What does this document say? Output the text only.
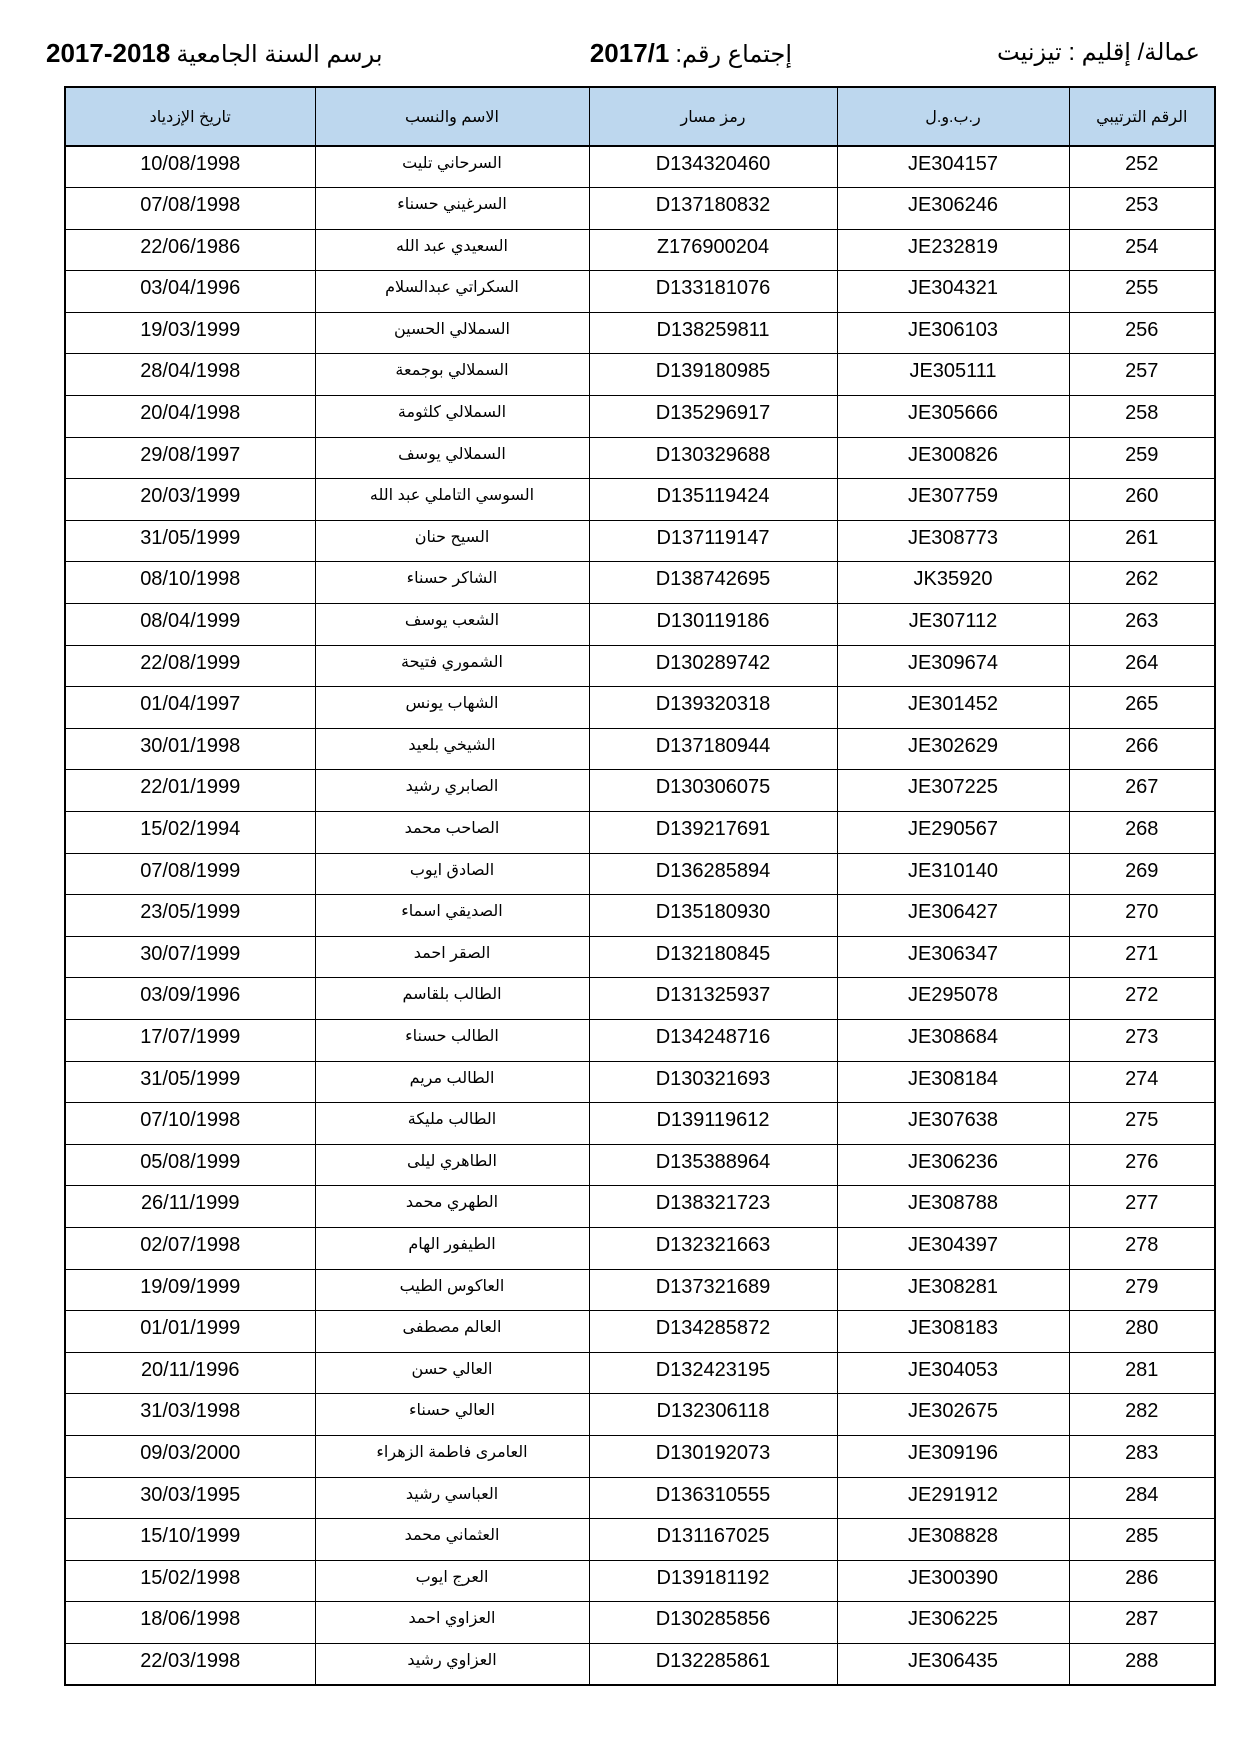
عمالة/ إقليم : تيزنيت
إجتماع رقم:2017/1
برسم السنة الجامعية2017-2018
الرقم الترتيبي	ر.ب.و.ل	رمز مسار	الاسم والنسب	تاريخ الإزدياد
252	JE304157	D134320460	السرحاني تليت	10/08/1998
253	JE306246	D137180832	السرغيني حسناء	07/08/1998
254	JE232819	Z176900204	السعيدي عبد الله	22/06/1986
255	JE304321	D133181076	السكراتي عبدالسلام	03/04/1996
256	JE306103	D138259811	السملالي الحسين	19/03/1999
257	JE305111	D139180985	السملالي بوجمعة	28/04/1998
258	JE305666	D135296917	السملالي كلثومة	20/04/1998
259	JE300826	D130329688	السملالي يوسف	29/08/1997
260	JE307759	D135119424	السوسي التاملي عبد الله	20/03/1999
261	JE308773	D137119147	السيح حنان	31/05/1999
262	JK35920	D138742695	الشاكر حسناء	08/10/1998
263	JE307112	D130119186	الشعب يوسف	08/04/1999
264	JE309674	D130289742	الشموري فتيحة	22/08/1999
265	JE301452	D139320318	الشهاب يونس	01/04/1997
266	JE302629	D137180944	الشيخي بلعيد	30/01/1998
267	JE307225	D130306075	الصابري رشيد	22/01/1999
268	JE290567	D139217691	الصاحب محمد	15/02/1994
269	JE310140	D136285894	الصادق ايوب	07/08/1999
270	JE306427	D135180930	الصديقي اسماء	23/05/1999
271	JE306347	D132180845	الصقر احمد	30/07/1999
272	JE295078	D131325937	الطالب بلقاسم	03/09/1996
273	JE308684	D134248716	الطالب حسناء	17/07/1999
274	JE308184	D130321693	الطالب مريم	31/05/1999
275	JE307638	D139119612	الطالب مليكة	07/10/1998
276	JE306236	D135388964	الطاهري ليلى	05/08/1999
277	JE308788	D138321723	الطهري محمد	26/11/1999
278	JE304397	D132321663	الطيفور الهام	02/07/1998
279	JE308281	D137321689	العاكوس الطيب	19/09/1999
280	JE308183	D134285872	العالم مصطفى	01/01/1999
281	JE304053	D132423195	العالي حسن	20/11/1996
282	JE302675	D132306118	العالي حسناء	31/03/1998
283	JE309196	D130192073	العامرى فاطمة الزهراء	09/03/2000
284	JE291912	D136310555	العباسي رشيد	30/03/1995
285	JE308828	D131167025	العثماني محمد	15/10/1999
286	JE300390	D139181192	العرج ايوب	15/02/1998
287	JE306225	D130285856	العزاوي احمد	18/06/1998
288	JE306435	D132285861	العزاوي رشيد	22/03/1998
